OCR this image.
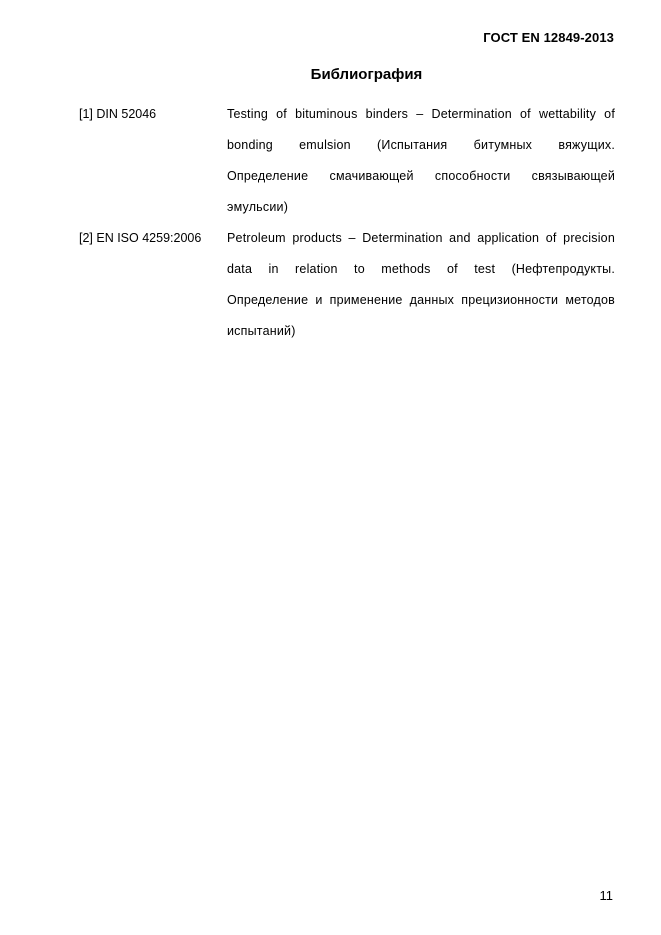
ГОСТ EN 12849-2013
Библиография
[1] DIN 52046	Testing of bituminous binders – Determination of wettability of bonding emulsion (Испытания битумных вяжущих. Определение смачивающей способности связывающей эмульсии)
[2] EN ISO 4259:2006	Petroleum products – Determination and application of precision data in relation to methods of test (Нефтепродукты. Определение и применение данных прецизионности методов испытаний)
11
